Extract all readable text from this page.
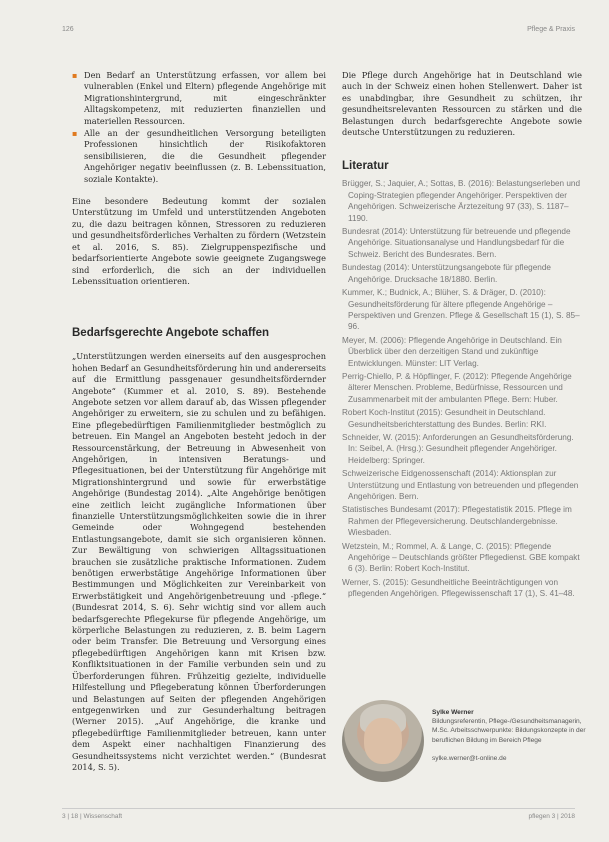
126	Pflege & Praxis
▪ Den Bedarf an Unterstützung erfassen, vor allem bei vulnerablen (Enkel und Eltern) pflegende Angehörige mit Migrationshintergrund, mit eingeschränkter Alltagskompetenz, mit reduzierten finanziellen und materiellen Ressourcen.
▪ Alle an der gesundheitlichen Versorgung beteiligten Professionen hinsichtlich der Risikofaktoren sensibilisieren, die die Gesundheit pflegender Angehöriger negativ beeinflussen (z. B. Lebenssituation, soziale Kontakte).

Eine besondere Bedeutung kommt der sozialen Unterstützung im Umfeld und unterstützenden Angeboten zu, die dazu beitragen können, Stressoren zu reduzieren und gesundheitsförderliches Verhalten zu fördern (Wetzstein et al. 2016, S. 85). Zielgruppenspezifische und bedarfsorientierte Angebote sowie geeignete Zugangswege sind erforderlich, die sich an der individuellen Lebenssituation orientieren.

Bedarfsgerechte Angebote schaffen

„Unterstützungen werden einerseits auf den ausgesprochen hohen Bedarf an Gesundheitsförderung hin und andererseits auf die Ermittlung passgenauer gesundheitsfördernder Angebote“ (Kummer et al. 2010, S. 89). Bestehende Angebote setzen vor allem darauf ab, das Wissen pflegender Angehöriger zu erweitern, sie zu schulen und zu befähigen. Eine pflegebedürftigen Familienmitglieder bestmöglich zu betreuen. Ein Mangel an Angeboten besteht jedoch in der Ressourcenstärkung, der Betreuung in Abwesenheit von Angehörigen, in intensiven Beratungs- und Pflegesituationen, bei der Unterstützung für Angehörige mit Migrationshintergrund und sowie für erwerbstätige Angehörige (Bundestag 2014). „Alte Angehörige benötigen eine zeitlich leicht zugängliche Informationen über finanzielle Unterstützungsmöglichkeiten sowie die in ihrer Gemeinde oder Wohngegend bestehenden Entlastungsangebote, damit sie sich organisieren können. Zur Bewältigung von schwierigen Alltagssituationen brauchen sie zusätzliche praktische Informationen. Zudem benötigen erwerbstätige Angehörige Informationen über Bestimmungen und Möglichkeiten zur Vereinbarkeit von Erwerbstätigkeit und Angehörigenbetreuung und -pflege.“ (Bundesrat 2014, S. 6). Sehr wichtig sind vor allem auch bedarfsgerechte Pflegekurse für pflegende Angehörige, um körperliche Belastungen zu reduzieren, z. B. beim Lagern oder beim Transfer. Die Betreuung und Versorgung eines pflegebedürftigen Angehörigen kann mit Krisen bzw. Konfliktsituationen in der Familie verbunden sein und zu Überforderungen führen. Frühzeitig gezielte, individuelle Hilfestellung und Pflegeberatung können Überforderungen und Belastungen auf Seiten der pflegenden Angehörigen entgegenwirken und zur Gesunderhaltung beitragen (Werner 2015). „Auf Angehörige, die kranke und pflegebedürftige Familienmitglieder betreuen, kann unter dem Aspekt einer nachhaltigen Finanzierung des Gesundheitssystems nicht verzichtet werden.“ (Bundesrat 2014, S. 5).

Die Pflege durch Angehörige hat in Deutschland wie auch in der Schweiz einen hohen Stellenwert. Daher ist es unabdingbar, ihre Gesundheit zu schützen, ihr gesundheitsrelevanten Ressourcen zu stärken und die Belastungen durch bedarfsgerechte Angebote sowie deutsche Unterstützungen zu reduzieren.

Literatur

Brügger, S.; Jaquier, A.; Sottas, B. (2016): Belastungserleben und Coping-Strategien pflegender Angehöriger. Perspektiven der Angehörigen. Schweizerische Ärztezeitung 97 (33), S. 1187–1190.

Bundesrat (2014): Unterstützung für betreuende und pflegende Angehörige. Situationsanalyse und Handlungsbedarf für die Schweiz. Bericht des Bundesrates. Bern.

Bundestag (2014): Unterstützungsangebote für pflegende Angehörige. Drucksache 18/1880. Berlin.

Kummer, K.; Budnick, A.; Blüher, S. & Dräger, D. (2010): Gesundheitsförderung für ältere pflegende Angehörige – Perspektiven und Grenzen. Pflege & Gesellschaft 15 (1), S. 85–96.

Meyer, M. (2006): Pflegende Angehörige in Deutschland. Ein Überblick über den derzeitigen Stand und zukünftige Entwicklungen. Münster: LIT Verlag.

Perrig-Chiello, P. & Höpflinger, F. (2012): Pflegende Angehörige älterer Menschen. Probleme, Bedürfnisse, Ressourcen und Zusammenarbeit mit der ambulanten Pflege. Bern: Huber.

Robert Koch-Institut (2015): Gesundheit in Deutschland. Gesundheitsberichterstattung des Bundes. Berlin: RKI.

Schneider, W. (2015): Anforderungen an Gesundheitsförderung. In: Seibel, A. (Hrsg.): Gesundheit pflegender Angehöriger. Heidelberg: Springer.

Schweizerische Eidgenossenschaft (2014): Aktionsplan zur Unterstützung und Entlastung von betreuenden und pflegenden Angehörigen. Bern.

Statistisches Bundesamt (2017): Pflegestatistik 2015. Pflege im Rahmen der Pflegeversicherung. Deutschlandergebnisse. Wiesbaden.

Wetzstein, M.; Rommel, A. & Lange, C. (2015): Pflegende Angehörige – Deutschlands größter Pflegedienst. GBE kompakt 6 (3). Berlin: Robert Koch-Institut.

Werner, S. (2015): Gesundheitliche Beeinträchtigungen von pflegenden Angehörigen. Pflegewissenschaft 17 (1), S. 41–48.

Sylke Werner
Bildungsreferentin, Pflege-/Gesundheitsmanagerin, M.Sc. Arbeitsschwerpunkte: Bildungskonzepte in der beruflichen Bildung im Bereich Pflege
sylke.werner@t-online.de
3 | 18 | Wissenschaft	pflegen 3 | 2018
